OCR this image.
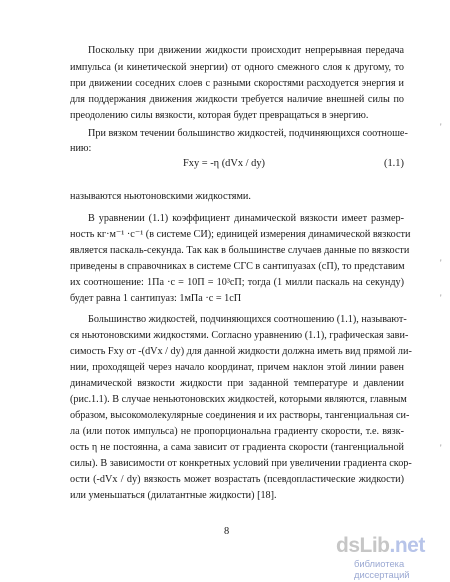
Поскольку при движении жидкости происходит непрерывная передача
импульса (и кинетической энергии) от одного смежного слоя к другому, то
при движении соседних слоев с разными скоростями расходуется энергия и
для поддержания движения жидкости требуется наличие внешней силы по
преодолению силы вязкости, которая будет превращаться в энергию.
При вязком течении большинство жидкостей, подчиняющихся соотноше-
нию:
Fxy = -η (dVx / dy)	(1.1)
называются ньютоновскими жидкостями.
В уравнении (1.1) коэффициент динамической вязкости имеет размер-
ность кг·м⁻¹ ·с⁻¹ (в системе СИ); единицей измерения динамической вязкости
является паскаль-секунда. Так как в большинстве случаев данные по вязкости
приведены в справочниках в системе СГС в сантипуазах (сП), то представим
их соотношение: 1Па ·с = 10П = 10³сП; тогда (1 милли паскаль на секунду)
будет равна 1 сантипуаз: 1мПа ·с = 1сП
Большинство жидкостей, подчиняющихся соотношению (1.1), называют-
ся ньютоновскими жидкостями. Согласно уравнению (1.1), графическая зави-
симость Fxy от -(dVx / dy) для данной жидкости должна иметь вид прямой ли-
нии, проходящей через начало координат, причем наклон этой линии равен
динамической вязкости жидкости при заданной температуре и давлении
(рис.1.1). В случае неньютоновских жидкостей, которыми являются, главным
образом, высокомолекулярные соединения и их растворы, тангенциальная си-
ла (или поток импульса) не пропорциональна градиенту скорости, т.е. вязк-
ость η не постоянна, а сама зависит от градиента скорости (тангенциальной
силы). В зависимости от конкретных условий при увеличении градиента скор-
ости (-dVx / dy) вязкость может возрастать (псевдопластические жидкости)
или уменьшаться (дилатантные жидкости) [18].
'
'
'
'
8
dsLib.net
библиотека диссертаций
